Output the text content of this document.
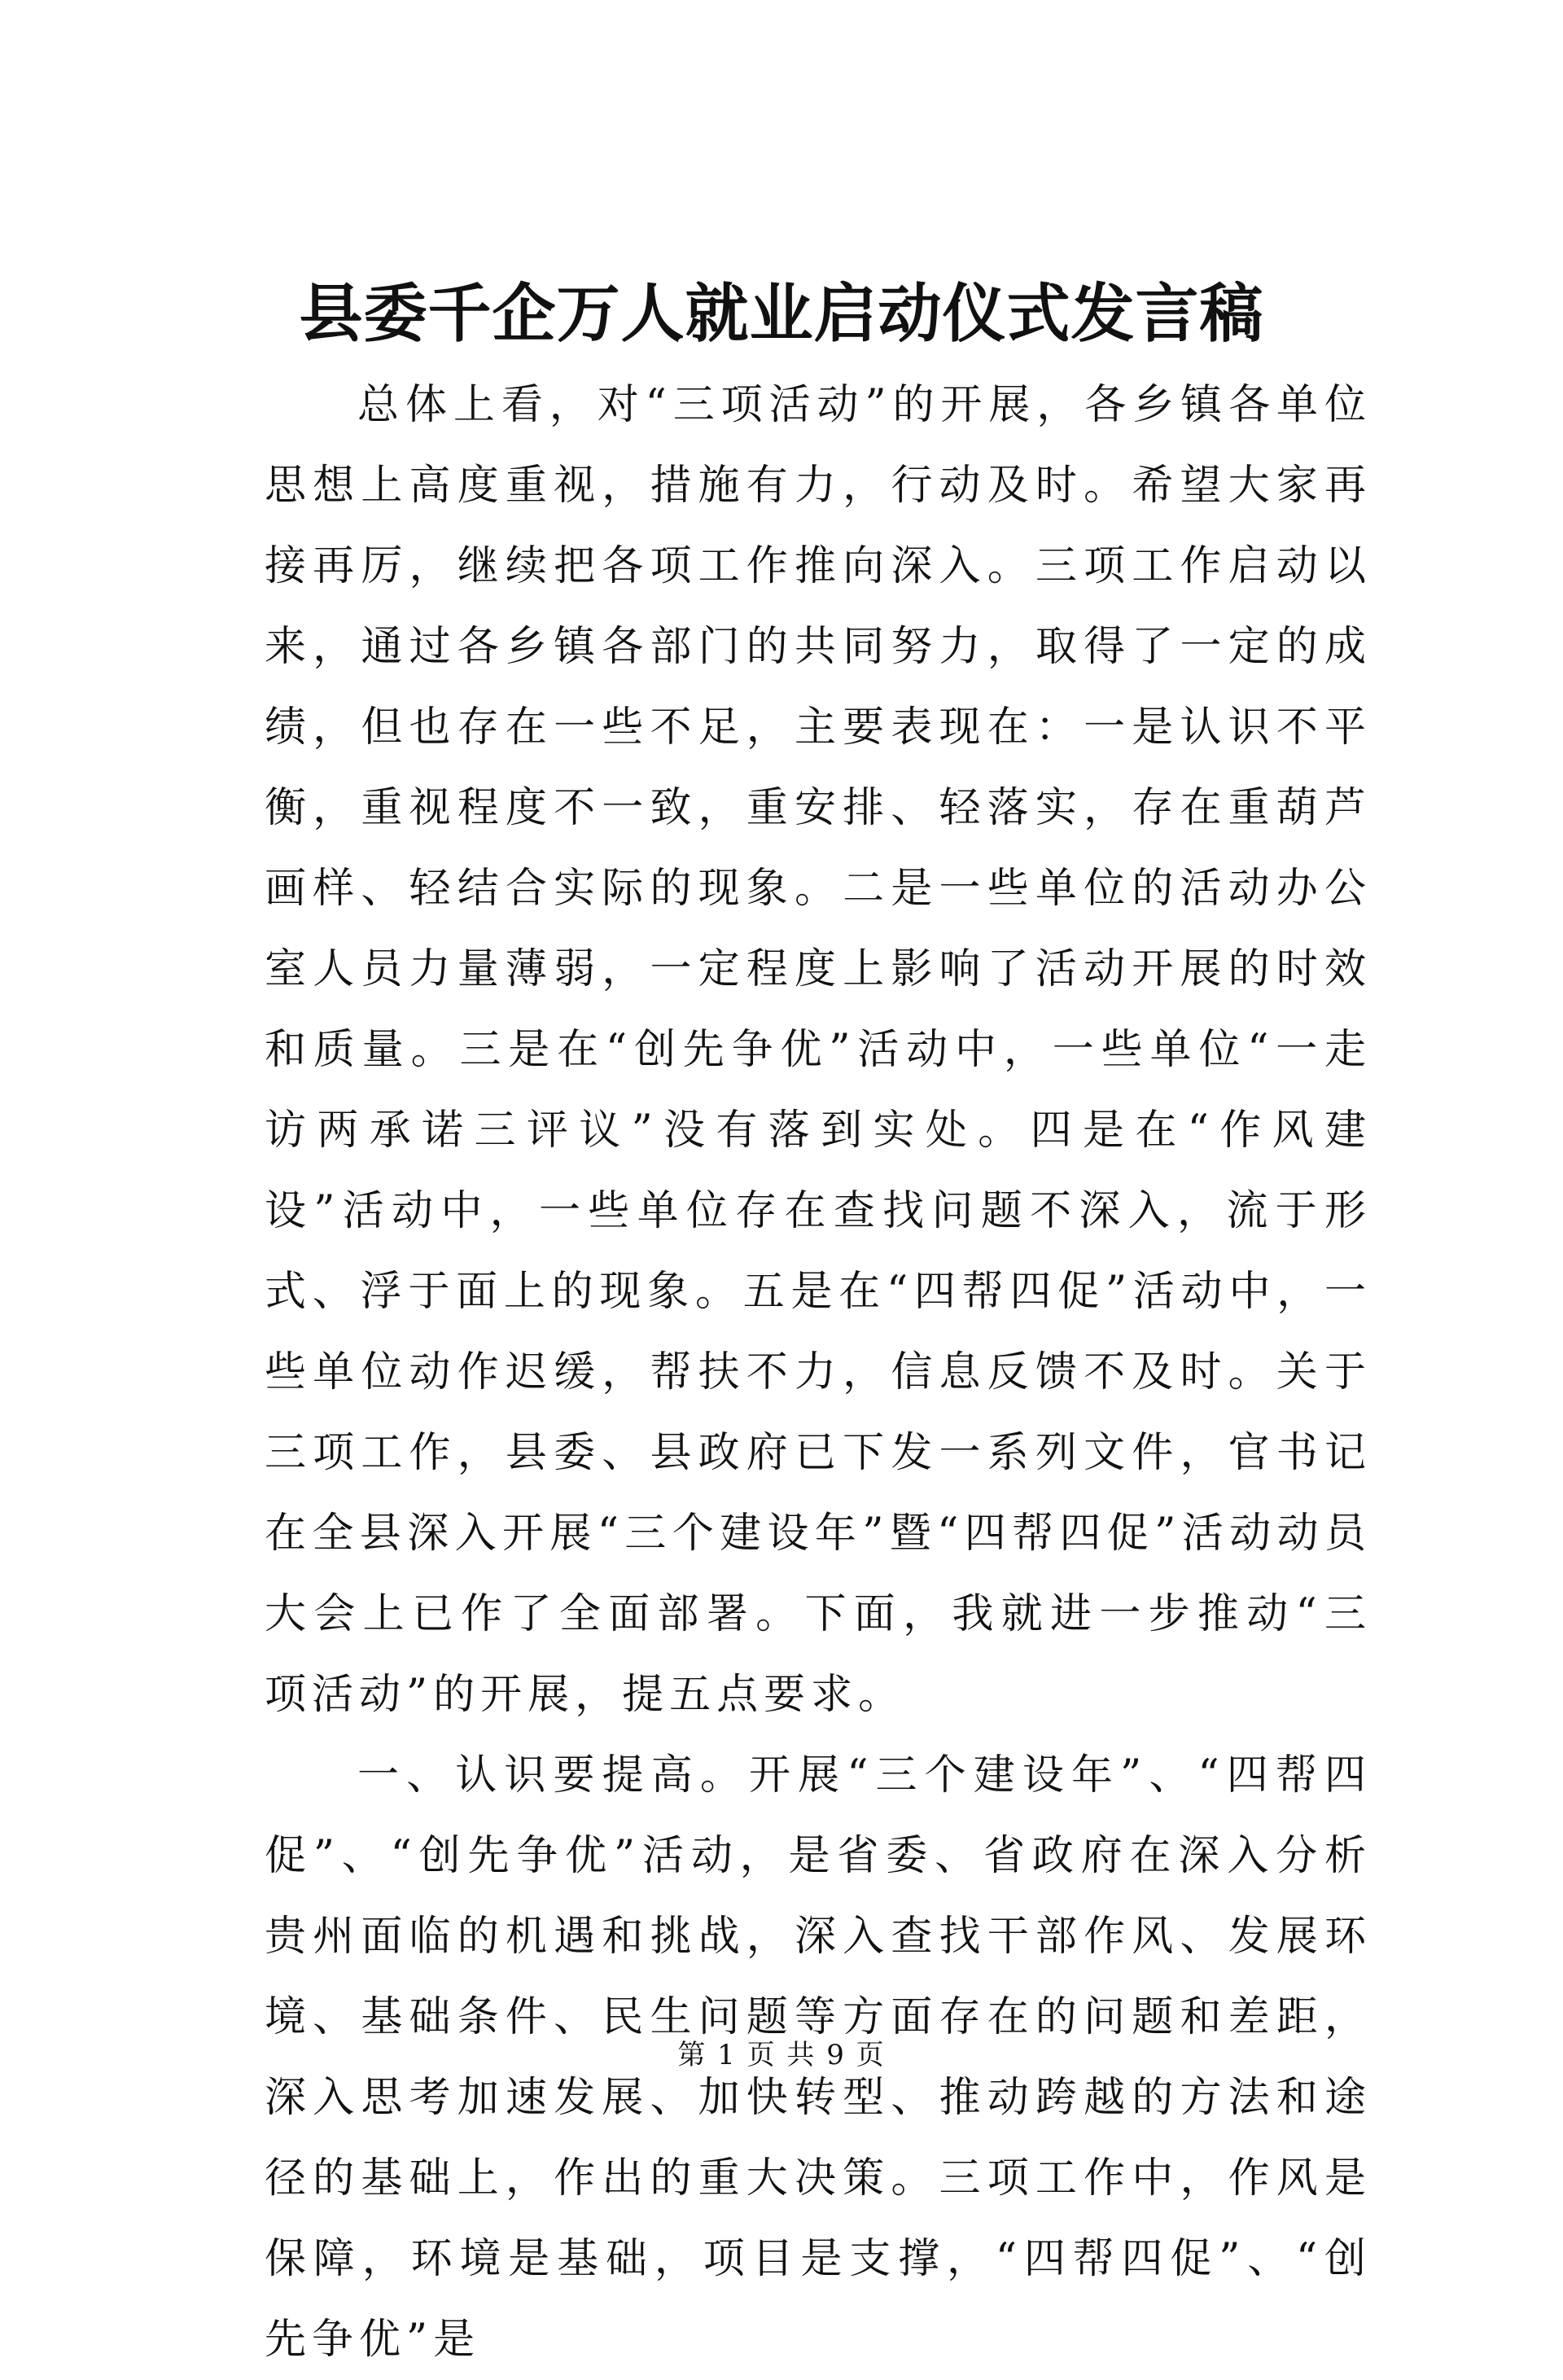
县委千企万人就业启动仪式发言稿

总体上看，对“三项活动”的开展，各乡镇各单位思想上高度重视，措施有力，行动及时。希望大家再接再厉，继续把各项工作推向深入。三项工作启动以来，通过各乡镇各部门的共同努力，取得了一定的成绩，但也存在一些不足，主要表现在：一是认识不平衡，重视程度不一致，重安排、轻落实，存在重葫芦画样、轻结合实际的现象。二是一些单位的活动办公室人员力量薄弱，一定程度上影响了活动开展的时效和质量。三是在“创先争优”活动中，一些单位“一走访两承诺三评议”没有落到实处。四是在“作风建设”活动中，一些单位存在查找问题不深入，流于形式、浮于面上的现象。五是在“四帮四促”活动中，一些单位动作迟缓，帮扶不力，信息反馈不及时。关于三项工作，县委、县政府已下发一系列文件，官书记在全县深入开展“三个建设年”暨“四帮四促”活动动员大会上已作了全面部署。下面，我就进一步推动“三项活动”的开展，提五点要求。

一、认识要提高。开展“三个建设年”、“四帮四促”、“创先争优”活动，是省委、省政府在深入分析贵州面临的机遇和挑战，深入查找干部作风、发展环境、基础条件、民生问题等方面存在的问题和差距，深入思考加速发展、加快转型、推动跨越的方法和途径的基础上，作出的重大决策。三项工作中，作风是保障，环境是基础，项目是支撑，“四帮四促”、“创先争优”是

第 1 页 共 9 页
